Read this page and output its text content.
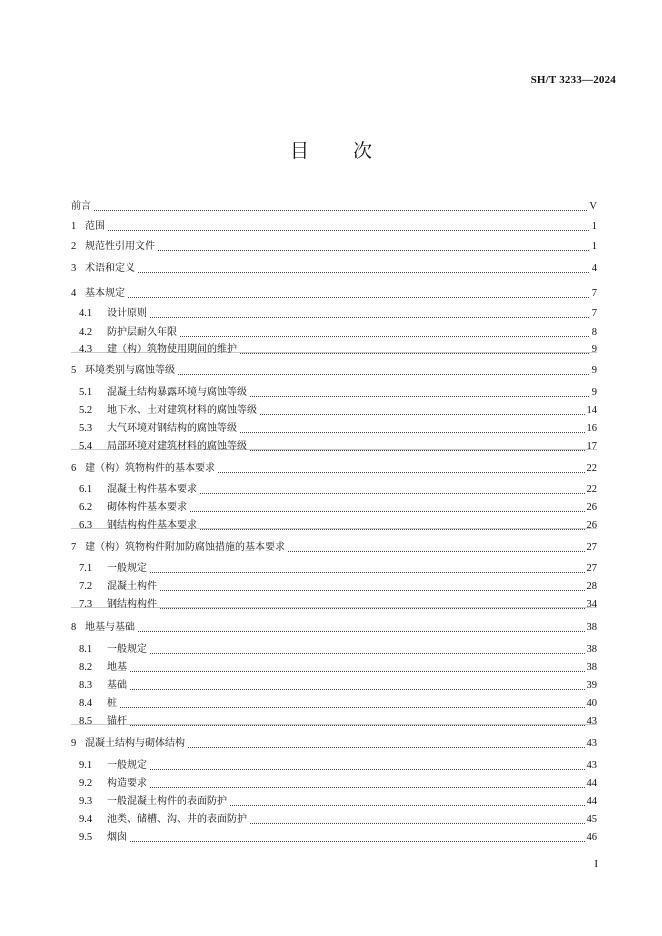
SH/T 3233—2024
目次
前言	V
1 范围	1
2 规范性引用文件	1
3 术语和定义	4
4 基本规定	7
4.1	设计原则	7
4.2	防护层耐久年限	8
4.3	建（构）筑物使用期间的维护	9
5 环境类别与腐蚀等级	9
5.1	混凝土结构暴露环境与腐蚀等级	9
5.2	地下水、土对建筑材料的腐蚀等级	14
5.3	大气环境对钢结构的腐蚀等级	16
5.4	局部环境对建筑材料的腐蚀等级	17
6 建（构）筑物构件的基本要求	22
6.1	混凝土构件基本要求	22
6.2	砌体构件基本要求	26
6.3	钢结构构件基本要求	26
7 建（构）筑物构件附加防腐蚀措施的基本要求	27
7.1	一般规定	27
7.2	混凝土构件	28
7.3	钢结构构件	34
8 地基与基础	38
8.1	一般规定	38
8.2	地基	38
8.3	基础	39
8.4	桩	40
8.5	锚杆	43
9 混凝土结构与砌体结构	43
9.1	一般规定	43
9.2	构造要求	44
9.3	一般混凝土构件的表面防护	44
9.4	池类、储槽、沟、井的表面防护	45
9.5	烟囱	46
I
